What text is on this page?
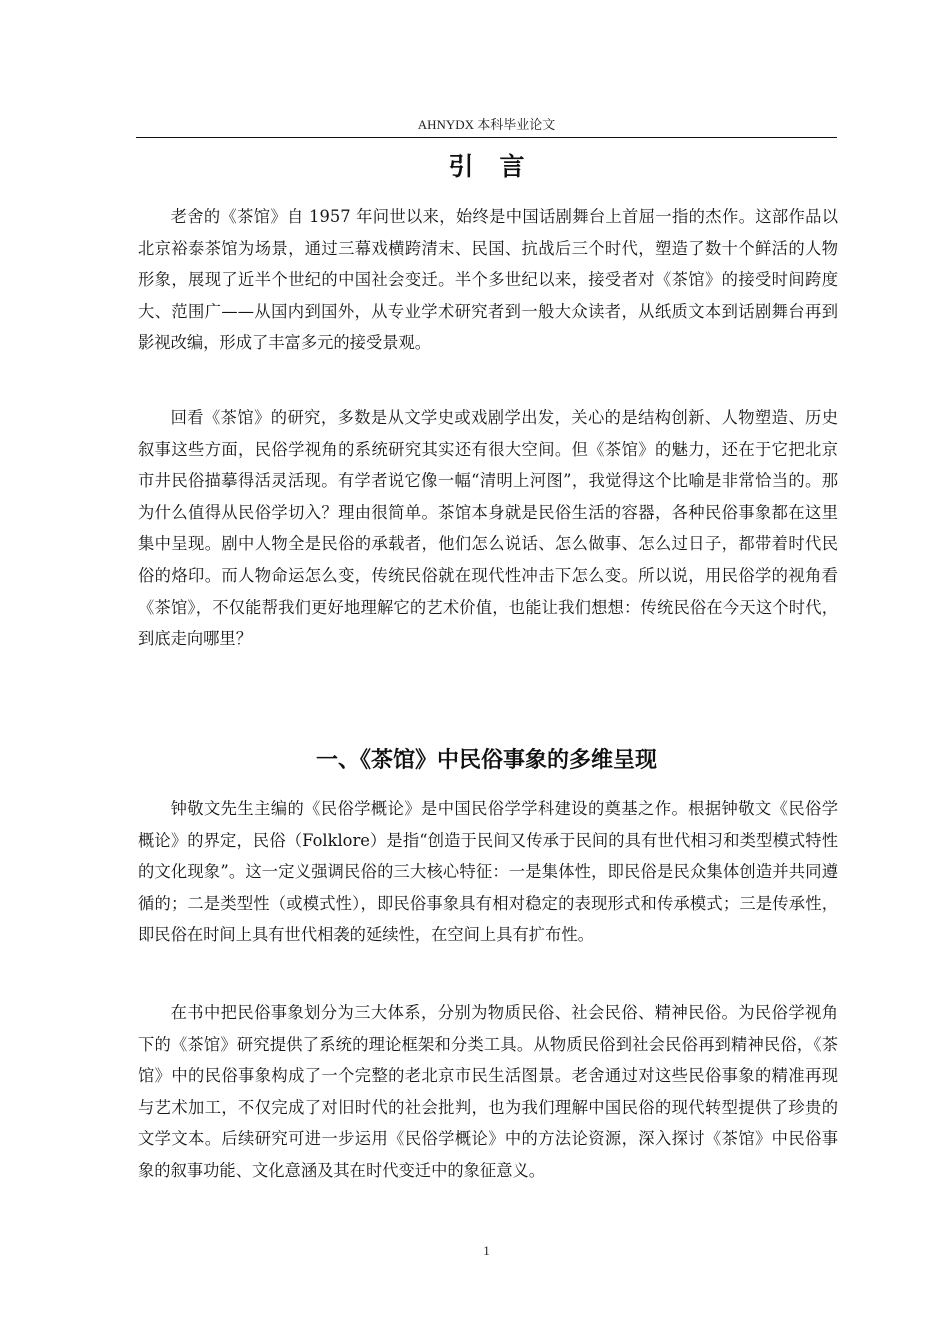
AHNYDX 本科毕业论文
引言

老舍的《茶馆》自 1957 年问世以来，始终是中国话剧舞台上首屈一指的杰作。这部作品以北京裕泰茶馆为场景，通过三幕戏横跨清末、民国、抗战后三个时代，塑造了数十个鲜活的人物形象，展现了近半个世纪的中国社会变迁。半个多世纪以来，接受者对《茶馆》的接受时间跨度大、范围广——从国内到国外，从专业学术研究者到一般大众读者，从纸质文本到话剧舞台再到影视改编，形成了丰富多元的接受景观。

回看《茶馆》的研究，多数是从文学史或戏剧学出发，关心的是结构创新、人物塑造、历史叙事这些方面，民俗学视角的系统研究其实还有很大空间。但《茶馆》的魅力，还在于它把北京市井民俗描摹得活灵活现。有学者说它像一幅“清明上河图”，我觉得这个比喻是非常恰当的。那为什么值得从民俗学切入？理由很简单。茶馆本身就是民俗生活的容器，各种民俗事象都在这里集中呈现。剧中人物全是民俗的承载者，他们怎么说话、怎么做事、怎么过日子，都带着时代民俗的烙印。而人物命运怎么变，传统民俗就在现代性冲击下怎么变。所以说，用民俗学的视角看《茶馆》，不仅能帮我们更好地理解它的艺术价值，也能让我们想想：传统民俗在今天这个时代，到底走向哪里？

一、《茶馆》中民俗事象的多维呈现

钟敬文先生主编的《民俗学概论》是中国民俗学学科建设的奠基之作。根据钟敬文《民俗学概论》的界定，民俗（Folklore）是指“创造于民间又传承于民间的具有世代相习和类型模式特性的文化现象”。这一定义强调民俗的三大核心特征：一是集体性，即民俗是民众集体创造并共同遵循的；二是类型性（或模式性），即民俗事象具有相对稳定的表现形式和传承模式；三是传承性，即民俗在时间上具有世代相袭的延续性，在空间上具有扩布性。

在书中把民俗事象划分为三大体系，分别为物质民俗、社会民俗、精神民俗。为民俗学视角下的《茶馆》研究提供了系统的理论框架和分类工具。从物质民俗到社会民俗再到精神民俗，《茶馆》中的民俗事象构成了一个完整的老北京市民生活图景。老舍通过对这些民俗事象的精准再现与艺术加工，不仅完成了对旧时代的社会批判，也为我们理解中国民俗的现代转型提供了珍贵的文学文本。后续研究可进一步运用《民俗学概论》中的方法论资源，深入探讨《茶馆》中民俗事象的叙事功能、文化意涵及其在时代变迁中的象征意义。

1
